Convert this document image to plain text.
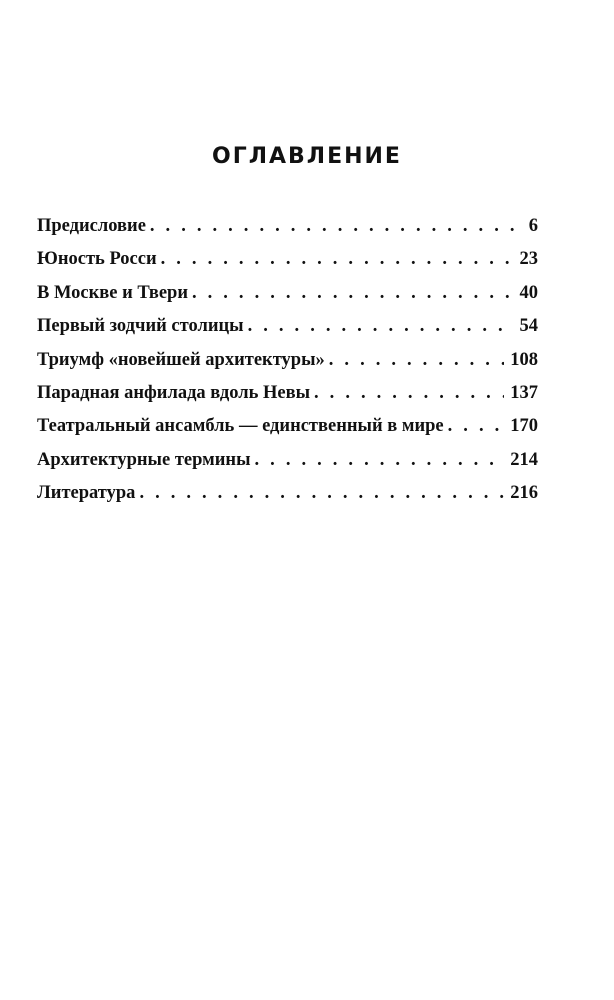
ОГЛАВЛЕНИЕ
Предисловие . . .	6
Юность Росси . . .	23
В Москве и Твери . . .	40
Первый зодчий столицы . . .	54
Триумф «новейшей архитектуры» . . .	108
Парадная анфилада вдоль Невы . . .	137
Театральный ансамбль — единственный в мире . . .	170
Архитектурные термины . . .	214
Литература . . .	216
